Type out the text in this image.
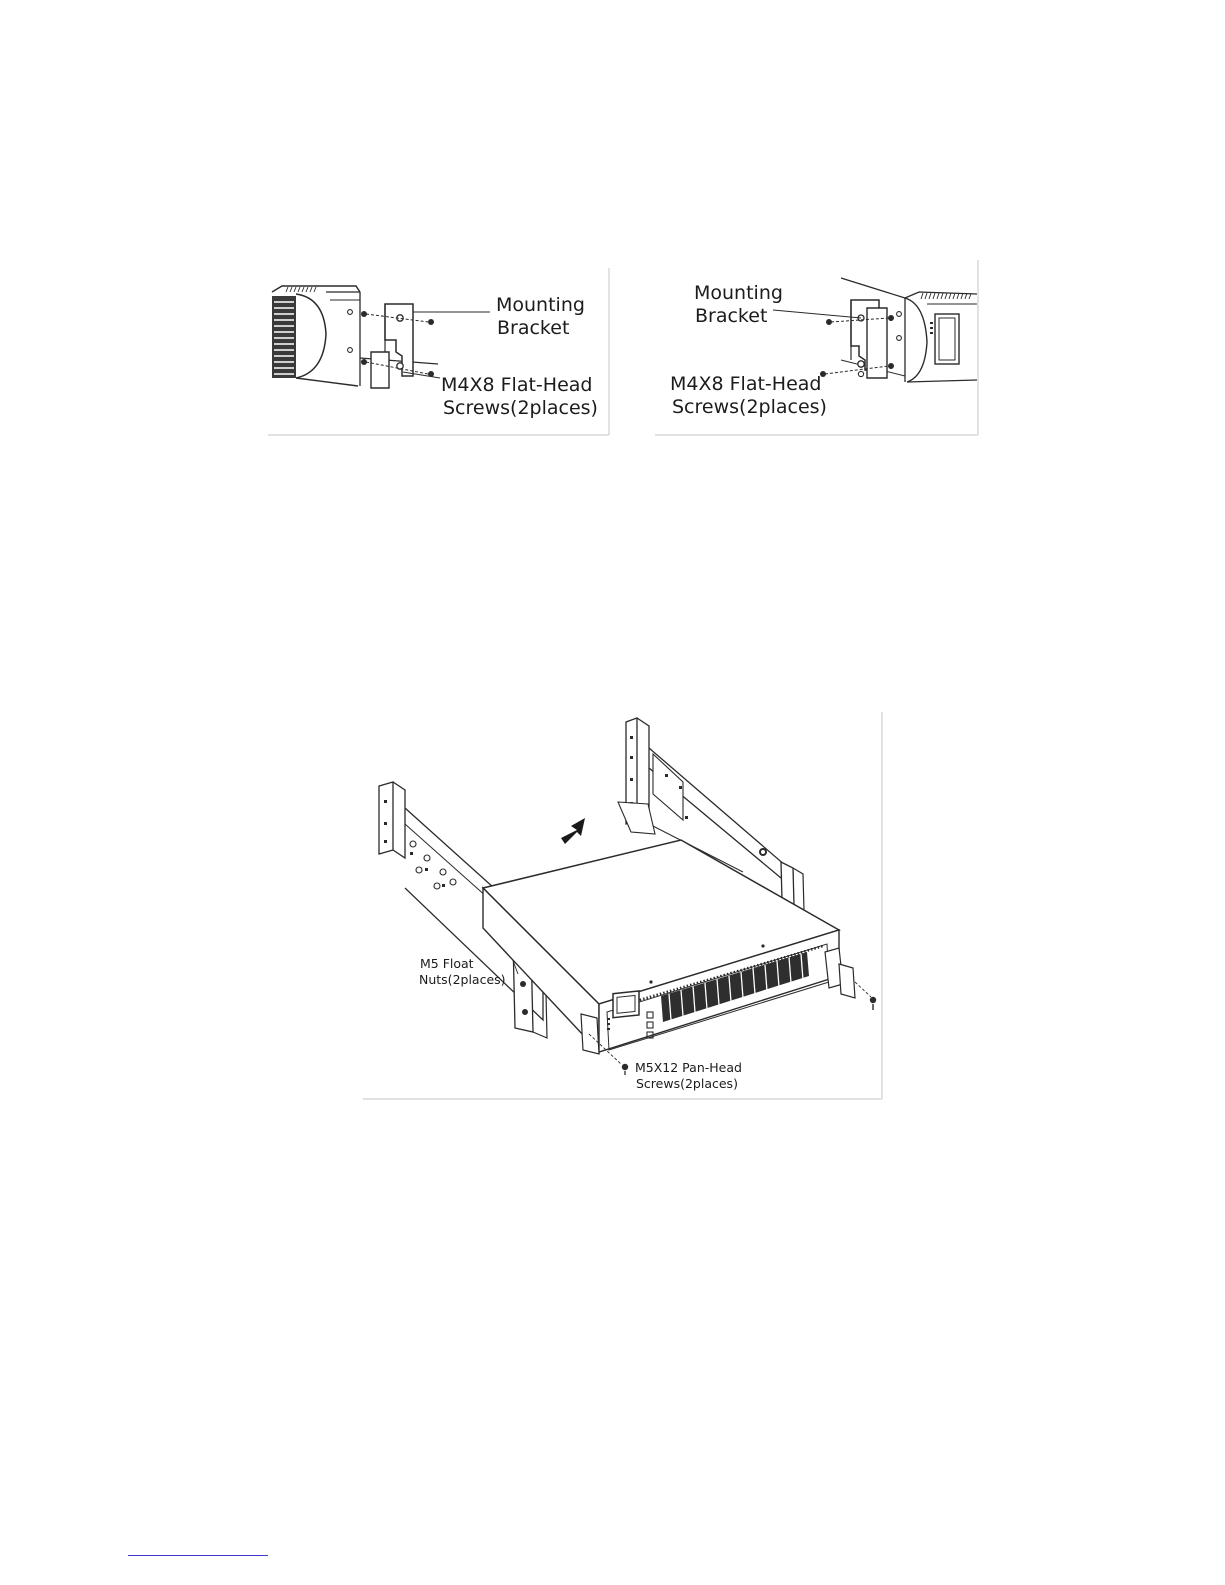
Mounting
Bracket
M4X8 Flat-Head
Screws(2places)
Mounting
Bracket
M4X8 Flat-Head
Screws(2places)
M5 Float
Nuts(2places)
M5X12 Pan-Head
Screws(2places)
